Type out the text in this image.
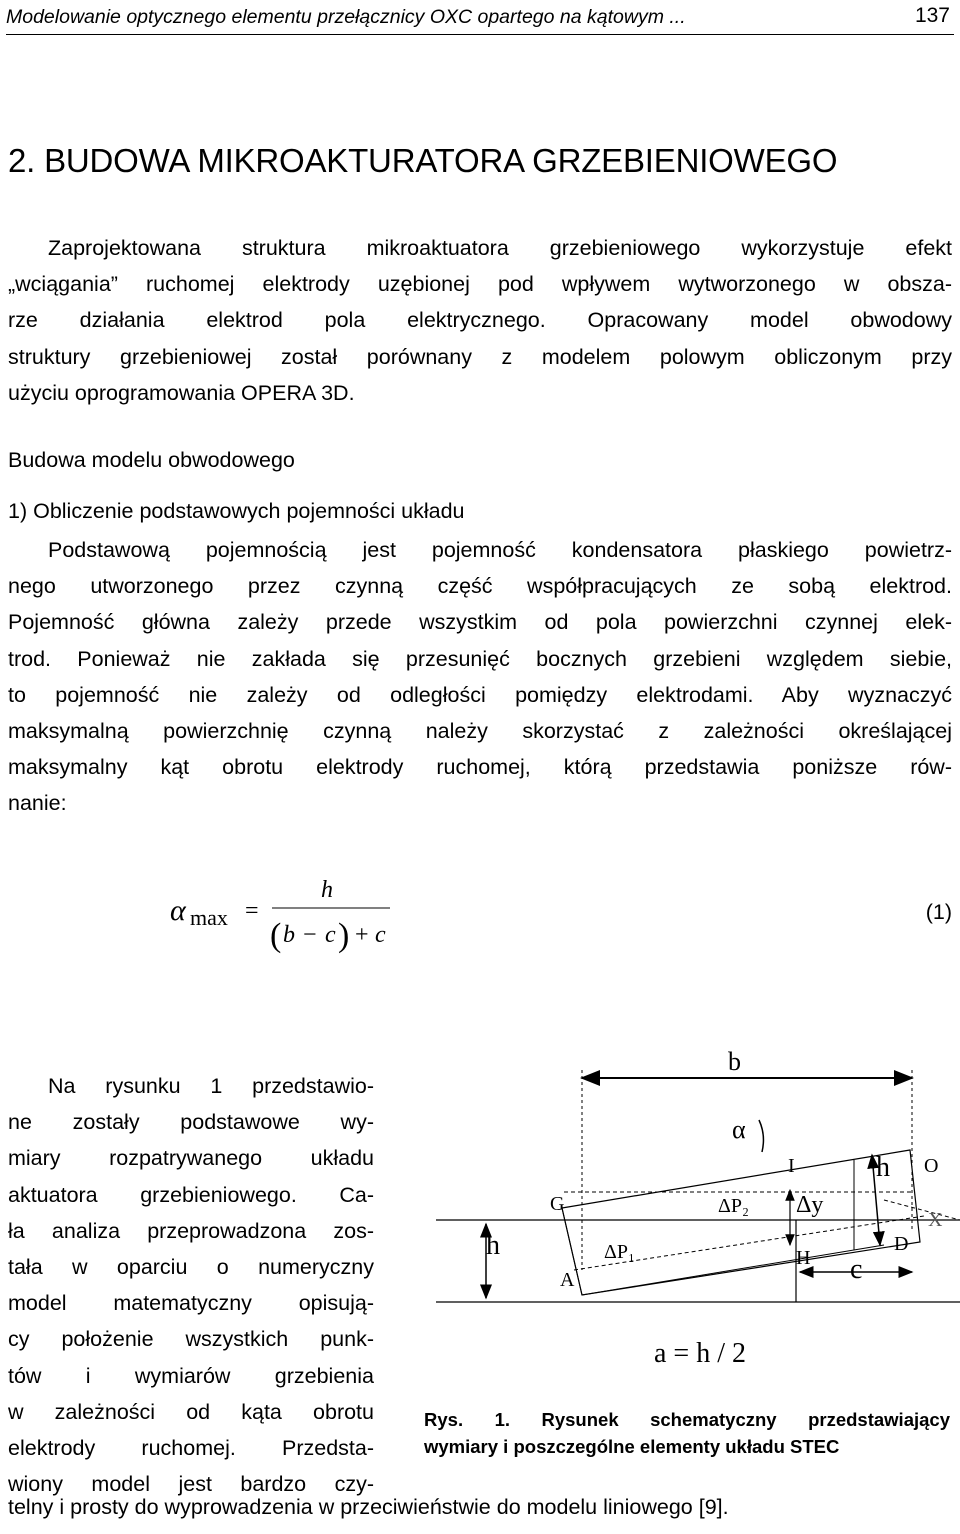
Modelowanie optycznego elementu przełącznicy OXC opartego na kątowym ...	137
2. BUDOWA MIKROAKTURATORA GRZEBIENIOWEGO
Zaprojektowana struktura mikroaktuatora grzebieniowego wykorzystuje efekt
„wciągania” ruchomej elektrody uzębionej pod wpływem wytworzonego w obsza-
rze działania elektrod pola elektrycznego. Opracowany model obwodowy
struktury grzebieniowej został porównany z modelem polowym obliczonym przy
użyciu oprogramowania OPERA 3D.
Budowa modelu obwodowego
1) Obliczenie podstawowych pojemności układu
Podstawową pojemnością jest pojemność kondensatora płaskiego powietrz-
nego utworzonego przez czynną część współpracujących ze sobą elektrod.
Pojemność główna zależy przede wszystkim od pola powierzchni czynnej elek-
trod. Ponieważ nie zakłada się przesunięć bocznych grzebieni względem siebie,
to pojemność nie zależy od odległości pomiędzy elektrodami. Aby wyznaczyć
maksymalną powierzchnię czynną należy skorzystać z zależności określającej
maksymalny kąt obrotu elektrody ruchomej, którą przedstawia poniższe rów-
nanie:
α max =
h
( b − c ) + c
(1)
Na rysunku 1 przedstawio-
ne zostały podstawowe wy-
miary rozpatrywanego układu
aktuatora grzebieniowego. Ca-
ła analiza przeprowadzona zos-
tała w oparciu o numeryczny
model matematyczny opisują-
cy położenie wszystkich punk-
tów i wymiarów grzebienia
w zależności od kąta obrotu
elektrody ruchomej. Przedsta-
wiony model jest bardzo czy-
telny i prosty do wyprowadzenia w przeciwieństwie do modelu liniowego [9].
b
α
I	h O
G	ΔP₂ Δy
X
h	ΔP₁	D
H
A	c
a = h / 2
Rys. 1. Rysunek schematyczny przedstawiający
wymiary i poszczególne elementy układu STEC
